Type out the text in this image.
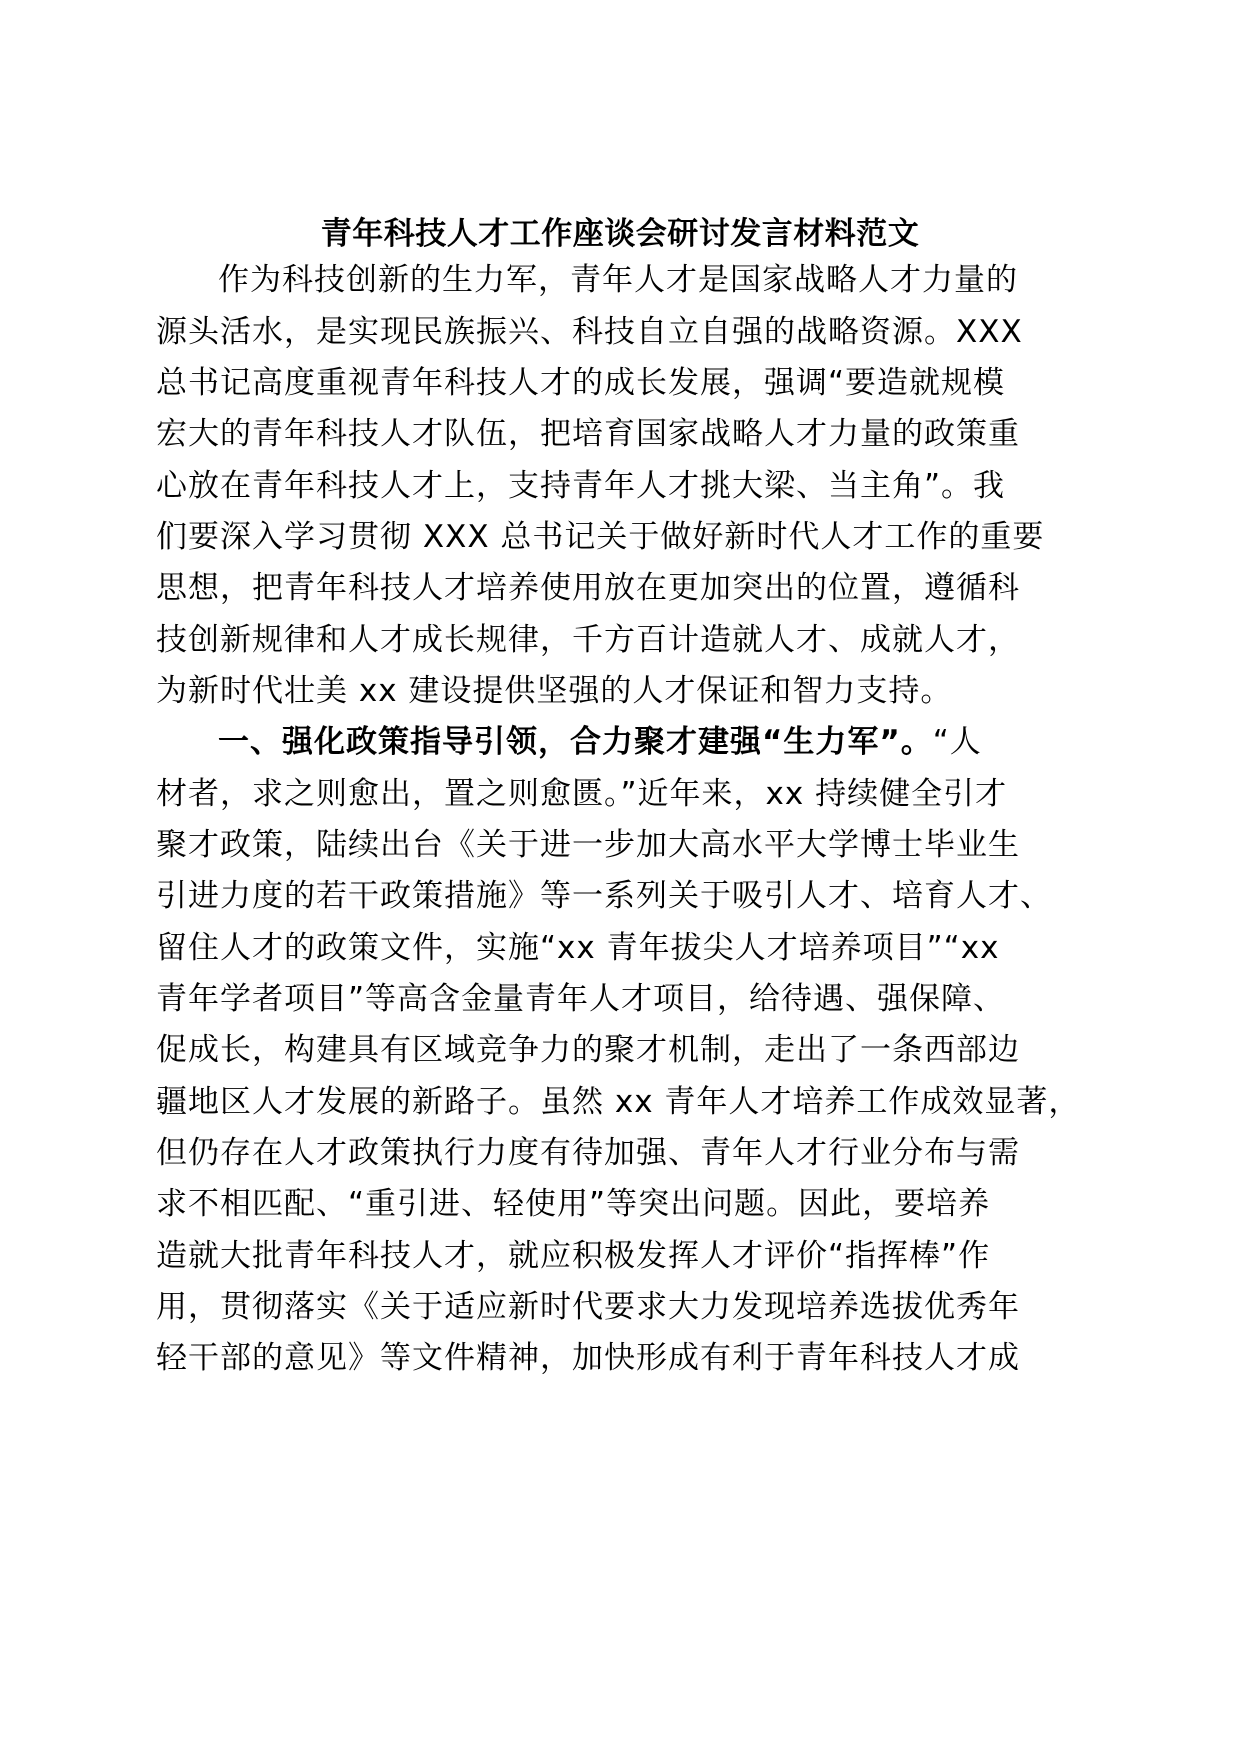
青年科技人才工作座谈会研讨发言材料范文
作为科技创新的生力军，青年人才是国家战略人才力量的
源头活水，是实现民族振兴、科技自立自强的战略资源。XXX
总书记高度重视青年科技人才的成长发展，强调“要造就规模
宏大的青年科技人才队伍，把培育国家战略人才力量的政策重
心放在青年科技人才上，支持青年人才挑大梁、当主角”。我
们要深入学习贯彻 XXX 总书记关于做好新时代人才工作的重要
思想，把青年科技人才培养使用放在更加突出的位置，遵循科
技创新规律和人才成长规律，千方百计造就人才、成就人才，
为新时代壮美 xx 建设提供坚强的人才保证和智力支持。
一、强化政策指导引领，合力聚才建强“生力军”。“人
材者，求之则愈出，置之则愈匮。”近年来，xx 持续健全引才
聚才政策，陆续出台《关于进一步加大高水平大学博士毕业生
引进力度的若干政策措施》等一系列关于吸引人才、培育人才、
留住人才的政策文件，实施“xx 青年拔尖人才培养项目”“xx
青年学者项目”等高含金量青年人才项目，给待遇、强保障、
促成长，构建具有区域竞争力的聚才机制，走出了一条西部边
疆地区人才发展的新路子。虽然 xx 青年人才培养工作成效显著，
但仍存在人才政策执行力度有待加强、青年人才行业分布与需
求不相匹配、“重引进、轻使用”等突出问题。因此，要培养
造就大批青年科技人才，就应积极发挥人才评价“指挥棒”作
用，贯彻落实《关于适应新时代要求大力发现培养选拔优秀年
轻干部的意见》等文件精神，加快形成有利于青年科技人才成
